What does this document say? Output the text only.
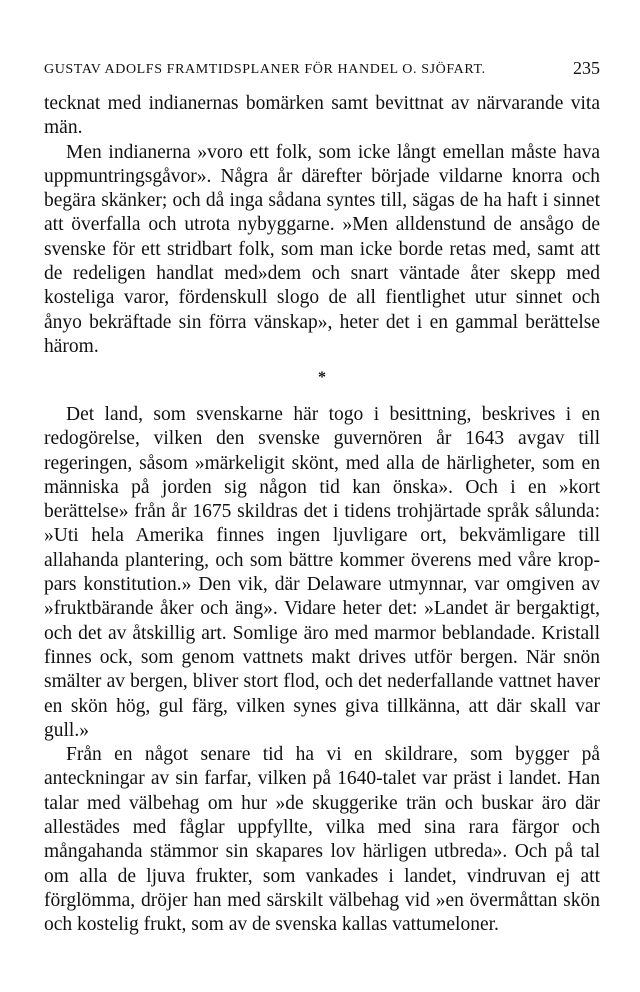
GUSTAV ADOLFS FRAMTIDSPLANER FÖR HANDEL O. SJÖFART.	235

tecknat med indianernas bomärken samt bevittnat av närvarande vita män.

Men indianerna »voro ett folk, som icke långt emellan måste hava uppmuntringsgåvor». Några år därefter började vildarne knorra och begära skänker; och då inga sådana syntes till, sägas de ha haft i sinnet att överfalla och utrota nybyggarne. »Men alldenstund de ansågo de svenske för ett stridbart folk, som man icke borde retas med, samt att de redeligen handlat med»dem och snart väntade åter skepp med kosteliga varor, fördenskull slogo de all fientlighet utur sinnet och ånyo bekräftade sin förra vänskap», heter det i en gammal berättelse härom.

*

Det land, som svenskarne här togo i besittning, beskrives i en redogörelse, vilken den svenske guvernören år 1643 avgav till regeringen, såsom »märkeligit skönt, med alla de härligheter, som en människa på jorden sig någon tid kan önska». Och i en »kort berättelse» från år 1675 skildras det i tidens trohjärtade språk sålunda: »Uti hela Amerika finnes ingen ljuvligare ort, bekvämligare till allahanda plantering, och som bättre kommer överens med våre kroppars konstitution.» Den vik, där Delaware utmynnar, var omgiven av »fruktbärande åker och äng». Vidare heter det: »Landet är bergaktigt, och det av åtskillig art. Somlige äro med marmor beblandade. Kristall finnes ock, som genom vattnets makt drives utför bergen. När snön smälter av bergen, bliver stort flod, och det nederfallande vattnet haver en skön hög, gul färg, vilken synes giva tillkänna, att där skall var gull.»

Från en något senare tid ha vi en skildrare, som bygger på anteckningar av sin farfar, vilken på 1640-talet var präst i landet. Han talar med välbehag om hur »de skuggerike trän och buskar äro där allestädes med fåglar uppfyllte, vilka med sina rara färgor och mångahanda stämmor sin skapares lov härligen utbreda». Och på tal om alla de ljuva frukter, som vankades i landet, vindruvan ej att förglömma, dröjer han med särskilt välbehag vid »en övermåttan skön och kostelig frukt, som av de svenska kallas vattumeloner.
